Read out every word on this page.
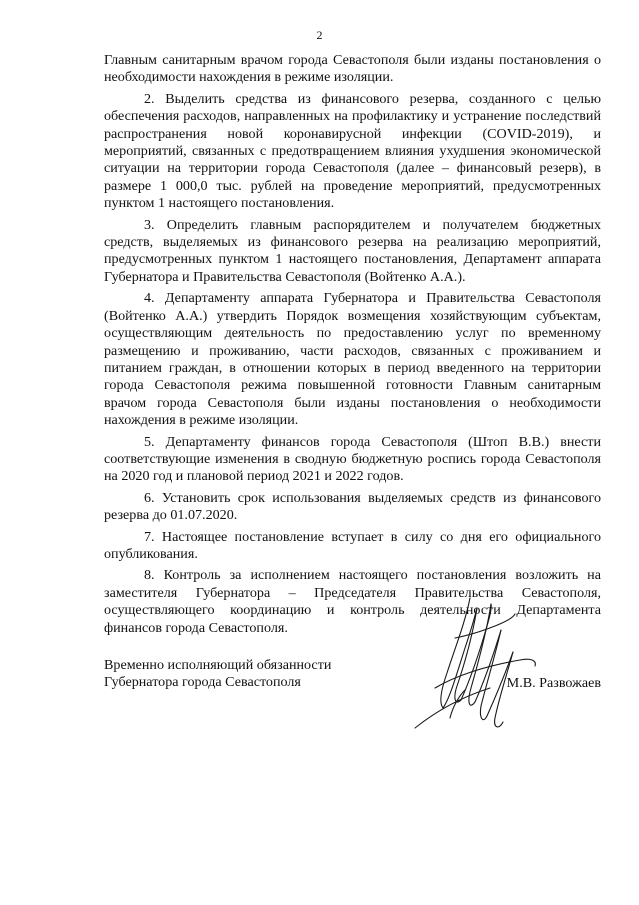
2

Главным санитарным врачом города Севастополя были изданы постановления о необходимости нахождения в режиме изоляции.

2. Выделить средства из финансового резерва, созданного с целью обеспечения расходов, направленных на профилактику и устранение последствий распространения новой коронавирусной инфекции (COVID-2019), и мероприятий, связанных с предотвращением влияния ухудшения экономической ситуации на территории города Севастополя (далее – финансовый резерв), в размере 1 000,0 тыс. рублей на проведение мероприятий, предусмотренных пунктом 1 настоящего постановления.

3. Определить главным распорядителем и получателем бюджетных средств, выделяемых из финансового резерва на реализацию мероприятий, предусмотренных пунктом 1 настоящего постановления, Департамент аппарата Губернатора и Правительства Севастополя (Войтенко А.А.).

4. Департаменту аппарата Губернатора и Правительства Севастополя (Войтенко А.А.) утвердить Порядок возмещения хозяйствующим субъектам, осуществляющим деятельность по предоставлению услуг по временному размещению и проживанию, части расходов, связанных с проживанием и питанием граждан, в отношении которых в период введенного на территории города Севастополя режима повышенной готовности Главным санитарным врачом города Севастополя были изданы постановления о необходимости нахождения в режиме изоляции.

5. Департаменту финансов города Севастополя (Штоп В.В.) внести соответствующие изменения в сводную бюджетную роспись города Севастополя на 2020 год и плановой период 2021 и 2022 годов.

6. Установить срок использования выделяемых средств из финансового резерва до 01.07.2020.

7. Настоящее постановление вступает в силу со дня его официального опубликования.

8. Контроль за исполнением настоящего постановления возложить на заместителя Губернатора – Председателя Правительства Севастополя, осуществляющего координацию и контроль деятельности Департамента финансов города Севастополя.

Временно исполняющий обязанности
Губернатора города Севастополя	М.В. Развожаев
